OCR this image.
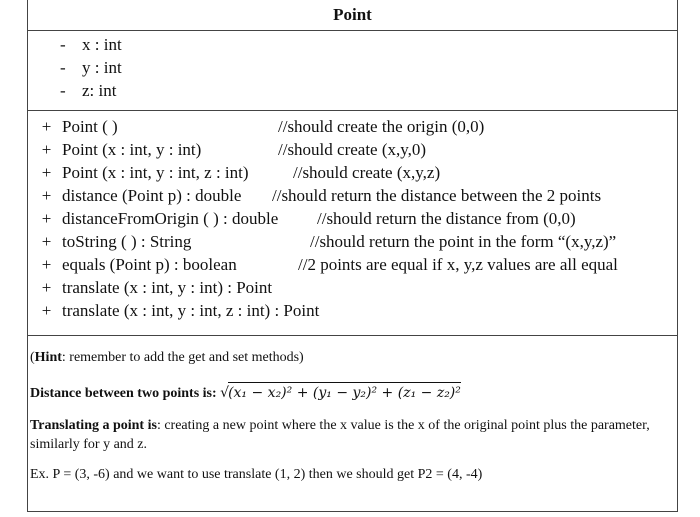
Point
- x : int
- y : int
- z: int
+ Point ( )	//should create the origin (0,0)
+ Point (x : int, y : int)	//should create (x,y,0)
+ Point (x : int, y : int, z : int)	//should create (x,y,z)
+ distance (Point p) : double //should return the distance between the 2 points
+ distanceFromOrigin ( ) : double //should return the distance from (0,0)
+ toString ( ) : String	//should return the point in the form “(x,y,z)”
+ equals (Point p) : boolean	//2 points are equal if x, y,z values are all equal
+ translate (x : int, y : int) : Point
+ translate (x : int, y : int, z : int) : Point
(Hint: remember to add the get and set methods)
Distance between two points is: √(x₁ − x₂)² + (y₁ − y₂)² + (z₁ − z₂)²
Translating a point is: creating a new point where the x value is the x of the original point plus the parameter, similarly for y and z.
Ex. P = (3, -6) and we want to use translate (1, 2) then we should get P2 = (4, -4)
